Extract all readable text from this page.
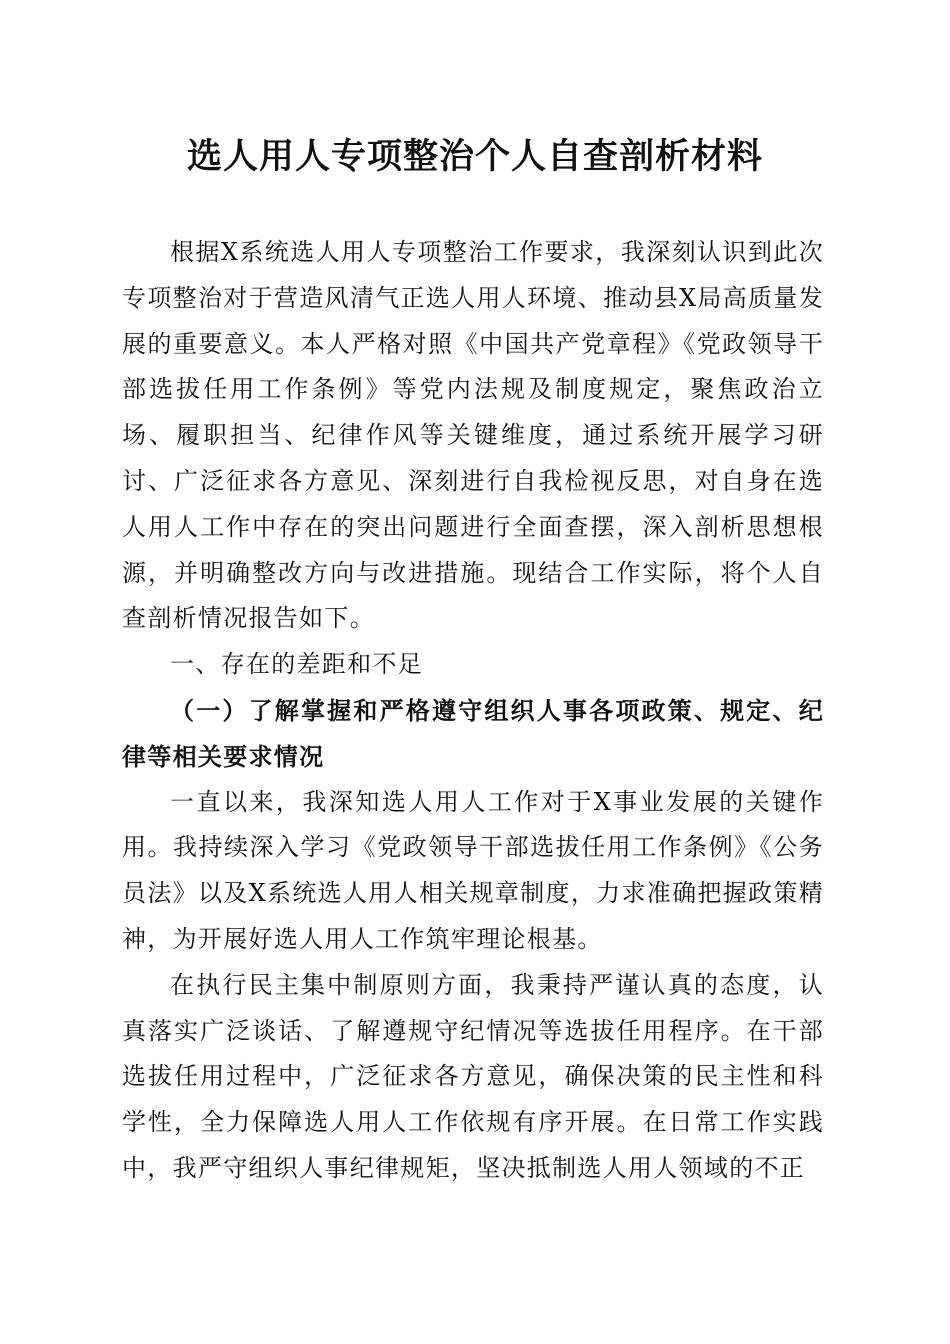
选人用人专项整治个人自查剖析材料

根据X系统选人用人专项整治工作要求，我深刻认识到此次专项整治对于营造风清气正选人用人环境、推动县X局高质量发展的重要意义。本人严格对照《中国共产党章程》《党政领导干部选拔任用工作条例》等党内法规及制度规定，聚焦政治立场、履职担当、纪律作风等关键维度，通过系统开展学习研讨、广泛征求各方意见、深刻进行自我检视反思，对自身在选人用人工作中存在的突出问题进行全面查摆，深入剖析思想根源，并明确整改方向与改进措施。现结合工作实际，将个人自查剖析情况报告如下。

一、存在的差距和不足

（一）了解掌握和严格遵守组织人事各项政策、规定、纪律等相关要求情况

一直以来，我深知选人用人工作对于X事业发展的关键作用。我持续深入学习《党政领导干部选拔任用工作条例》《公务员法》以及X系统选人用人相关规章制度，力求准确把握政策精神，为开展好选人用人工作筑牢理论根基。

在执行民主集中制原则方面，我秉持严谨认真的态度，认真落实广泛谈话、了解遵规守纪情况等选拔任用程序。在干部选拔任用过程中，广泛征求各方意见，确保决策的民主性和科学性，全力保障选人用人工作依规有序开展。在日常工作实践中，我严守组织人事纪律规矩，坚决抵制选人用人领域的不正
